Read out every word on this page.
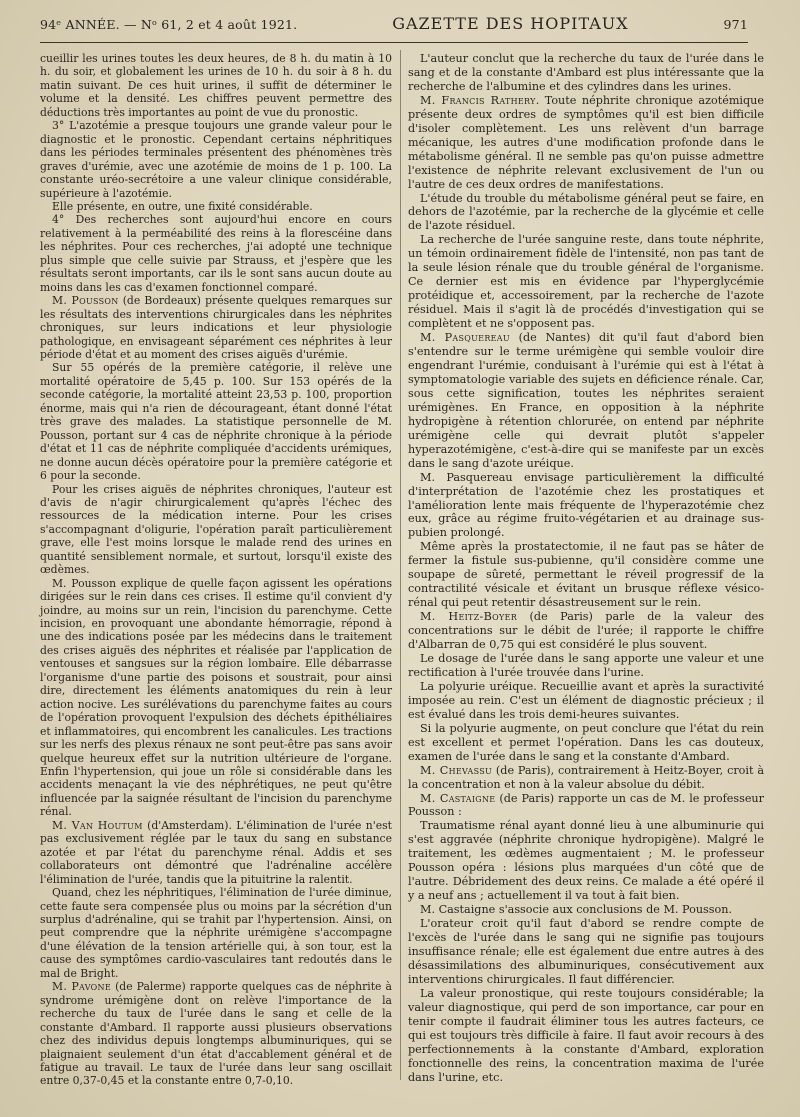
94ᵉ ANNÉE. — Nᵒ 61, 2 et 4 août 1921.	GAZETTE DES HOPITAUX	971

cueillir les urines toutes les deux heures, de 8 h. du matin à 10 h. du soir, et globalement les urines de 10 h. du soir à 8 h. du matin suivant. De ces huit urines, il suffit de déterminer le volume et la densité. Les chiffres peuvent permettre des déductions très importantes au point de vue du pronostic.

3° L'azotémie a presque toujours une grande valeur pour le diagnostic et le pronostic. Cependant certains néphritiques dans les périodes terminales présentent des phénomènes très graves d'urémie, avec une azotémie de moins de 1 p. 100. La constante uréo-secrétoire a une valeur clinique considérable, supérieure à l'azotémie.

Elle présente, en outre, une fixité considérable.

4° Des recherches sont aujourd'hui encore en cours relativement à la perméabilité des reins à la florescéine dans les néphrites. Pour ces recherches, j'ai adopté une technique plus simple que celle suivie par Strauss, et j'espère que les résultats seront importants, car ils le sont sans aucun doute au moins dans les cas d'examen fonctionnel comparé.

M. Pousson (de Bordeaux) présente quelques remarques sur les résultats des interventions chirurgicales dans les néphrites chroniques, sur leurs indications et leur physiologie pathologique, en envisageant séparément ces néphrites à leur période d'état et au moment des crises aiguës d'urémie.

Sur 55 opérés de la première catégorie, il relève une mortalité opératoire de 5,45 p. 100. Sur 153 opérés de la seconde catégorie, la mortalité atteint 23,53 p. 100, proportion énorme, mais qui n'a rien de décourageant, étant donné l'état très grave des malades. La statistique personnelle de M. Pousson, portant sur 4 cas de néphrite chronique à la période d'état et 11 cas de néphrite compliquée d'accidents urémiques, ne donne aucun décès opératoire pour la première catégorie et 6 pour la seconde.

Pour les crises aiguës de néphrites chroniques, l'auteur est d'avis de n'agir chirurgicalement qu'après l'échec des ressources de la médication interne. Pour les crises s'accompagnant d'oligurie, l'opération paraît particulièrement grave, elle l'est moins lorsque le malade rend des urines en quantité sensiblement normale, et surtout, lorsqu'il existe des œdèmes.

M. Pousson explique de quelle façon agissent les opérations dirigées sur le rein dans ces crises. Il estime qu'il convient d'y joindre, au moins sur un rein, l'incision du parenchyme. Cette incision, en provoquant une abondante hémorragie, répond à une des indications posée par les médecins dans le traitement des crises aiguës des néphrites et réalisée par l'application de ventouses et sangsues sur la région lombaire. Elle débarrasse l'organisme d'une partie des poisons et soustrait, pour ainsi dire, directement les éléments anatomiques du rein à leur action nocive. Les surélévations du parenchyme faites au cours de l'opération provoquent l'expulsion des déchets épithéliaires et inflammatoires, qui encombrent les canalicules. Les tractions sur les nerfs des plexus rénaux ne sont peut-être pas sans avoir quelque heureux effet sur la nutrition ultérieure de l'organe. Enfin l'hypertension, qui joue un rôle si considérable dans les accidents menaçant la vie des néphrétiques, ne peut qu'être influencée par la saignée résultant de l'incision du parenchyme rénal.

M. Van Houtum (d'Amsterdam). L'élimination de l'urée n'est pas exclusivement réglée par le taux du sang en substance azotée et par l'état du parenchyme rénal. Addis et ses collaborateurs ont démontré que l'adrénaline accélère l'élimination de l'urée, tandis que la pituitrine la ralentit.

Quand, chez les néphritiques, l'élimination de l'urée diminue, cette faute sera compensée plus ou moins par la sécrétion d'un surplus d'adrénaline, qui se trahit par l'hypertension. Ainsi, on peut comprendre que la néphrite urémigène s'accompagne d'une élévation de la tension artérielle qui, à son tour, est la cause des symptômes cardio-vasculaires tant redoutés dans le mal de Bright.

M. Pavone (de Palerme) rapporte quelques cas de néphrite à syndrome urémigène dont on relève l'importance de la recherche du taux de l'urée dans le sang et celle de la constante d'Ambard. Il rapporte aussi plusieurs observations chez des individus depuis longtemps albuminuriques, qui se plaignaient seulement d'un état d'accablement général et de fatigue au travail. Le taux de l'urée dans leur sang oscillait entre 0,37-0,45 et la constante entre 0,7-0,10.

L'auteur conclut que la recherche du taux de l'urée dans le sang et de la constante d'Ambard est plus intéressante que la recherche de l'albumine et des cylindres dans les urines.

M. Francis Rathery. Toute néphrite chronique azotémique présente deux ordres de symptômes qu'il est bien difficile d'isoler complètement. Les uns relèvent d'un barrage mécanique, les autres d'une modification profonde dans le métabolisme général. Il ne semble pas qu'on puisse admettre l'existence de néphrite relevant exclusivement de l'un ou l'autre de ces deux ordres de manifestations.

L'étude du trouble du métabolisme général peut se faire, en dehors de l'azotémie, par la recherche de la glycémie et celle de l'azote résiduel.

La recherche de l'urée sanguine reste, dans toute néphrite, un témoin ordinairement fidèle de l'intensité, non pas tant de la seule lésion rénale que du trouble général de l'organisme. Ce dernier est mis en évidence par l'hyperglycémie protéidique et, accessoirement, par la recherche de l'azote résiduel. Mais il s'agit là de procédés d'investigation qui se complètent et ne s'opposent pas.

M. Pasquereau (de Nantes) dit qu'il faut d'abord bien s'entendre sur le terme urémigène qui semble vouloir dire engendrant l'urémie, conduisant à l'urémie qui est à l'état à symptomatologie variable des sujets en déficience rénale. Car, sous cette signification, toutes les néphrites seraient urémigènes. En France, en opposition à la néphrite hydropigène à rétention chlorurée, on entend par néphrite urémigène celle qui devrait plutôt s'appeler hyperazotémigène, c'est-à-dire qui se manifeste par un excès dans le sang d'azote uréique.

M. Pasquereau envisage particulièrement la difficulté d'interprétation de l'azotémie chez les prostatiques et l'amélioration lente mais fréquente de l'hyperazotémie chez eux, grâce au régime fruito-végétarien et au drainage sus-pubien prolongé.

Même après la prostatectomie, il ne faut pas se hâter de fermer la fistule sus-pubienne, qu'il considère comme une soupape de sûreté, permettant le réveil progressif de la contractilité vésicale et évitant un brusque réflexe vésico-rénal qui peut retentir désastreusement sur le rein.

M. Heitz-Boyer (de Paris) parle de la valeur des concentrations sur le débit de l'urée; il rapporte le chiffre d'Albarran de 0,75 qui est considéré le plus souvent.

Le dosage de l'urée dans le sang apporte une valeur et une rectification à l'urée trouvée dans l'urine.

La polyurie uréique. Recueillie avant et après la suractivité imposée au rein. C'est un élément de diagnostic précieux ; il est évalué dans les trois demi-heures suivantes.

Si la polyurie augmente, on peut conclure que l'état du rein est excellent et permet l'opération. Dans les cas douteux, examen de l'urée dans le sang et la constante d'Ambard.

M. Chevassu (de Paris), contrairement à Heitz-Boyer, croit à la concentration et non à la valeur absolue du débit.

M. Castaigne (de Paris) rapporte un cas de M. le professeur Pousson :

Traumatisme rénal ayant donné lieu à une albuminurie qui s'est aggravée (néphrite chronique hydropigène). Malgré le traitement, les œdèmes augmentaient ; M. le professeur Pousson opéra : lésions plus marquées d'un côté que de l'autre. Débridement des deux reins. Ce malade a été opéré il y a neuf ans ; actuellement il va tout à fait bien.

M. Castaigne s'associe aux conclusions de M. Pousson.

L'orateur croit qu'il faut d'abord se rendre compte de l'excès de l'urée dans le sang qui ne signifie pas toujours insuffisance rénale; elle est également due entre autres à des désassimilations des albuminuriques, consécutivement aux interventions chirurgicales. Il faut différencier.

La valeur pronostique, qui reste toujours considérable; la valeur diagnostique, qui perd de son importance, car pour en tenir compte il faudrait éliminer tous les autres facteurs, ce qui est toujours très difficile à faire. Il faut avoir recours à des perfectionnements à la constante d'Ambard, exploration fonctionnelle des reins, la concentration maxima de l'urée dans l'urine, etc.
